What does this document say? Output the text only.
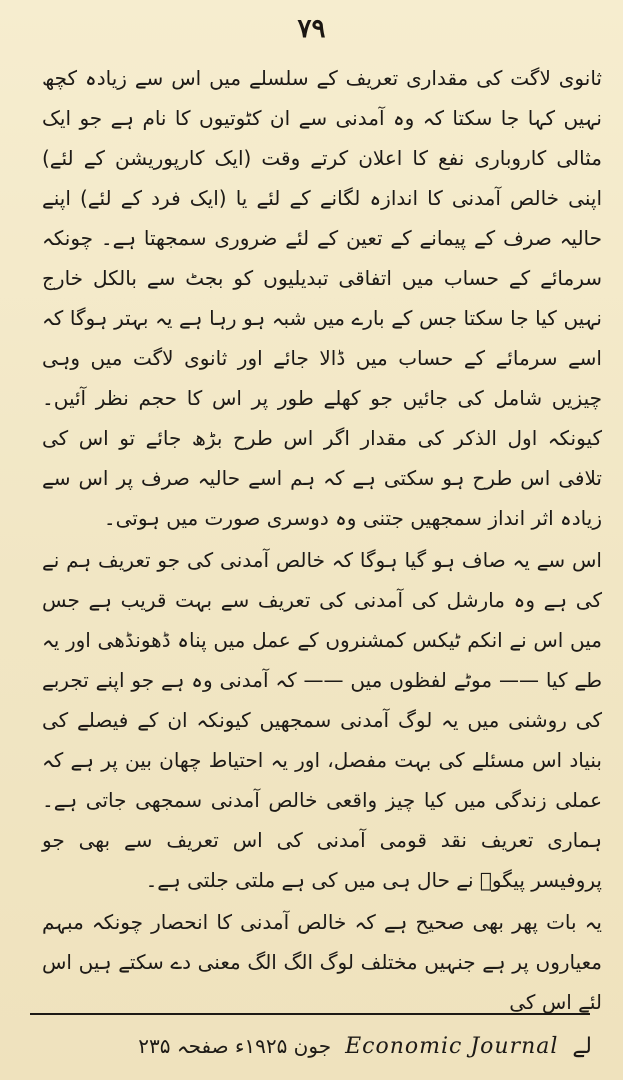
٧٩

ثانوی لاگت کی مقداری تعریف کے سلسلے میں اس سے زیادہ کچھ نہیں کہا جا سکتا کہ وہ آمدنی سے ان کٹوتیوں کا نام ہے جو ایک مثالی کاروباری نفع کا اعلان کرتے وقت (ایک کارپوریشن کے لئے) اپنی خالص آمدنی کا اندازہ لگانے کے لئے یا (ایک فرد کے لئے) اپنے حالیہ صرف کے پیمانے کے تعین کے لئے ضروری سمجھتا ہے۔ چونکہ سرمائے کے حساب میں اتفاقی تبدیلیوں کو بجٹ سے بالکل خارج نہیں کیا جا سکتا جس کے بارے میں شبہ ہو رہا ہے یہ بہتر ہوگا کہ اسے سرمائے کے حساب میں ڈالا جائے اور ثانوی لاگت میں وہی چیزیں شامل کی جائیں جو کھلے طور پر اس کا حجم نظر آئیں۔ کیونکہ اول الذکر کی مقدار اگر اس طرح بڑھ جائے تو اس کی تلافی اس طرح ہو سکتی ہے کہ ہم اسے حالیہ صرف پر اس سے زیادہ اثر انداز سمجھیں جتنی وہ دوسری صورت میں ہوتی۔

اس سے یہ صاف ہو گیا ہوگا کہ خالص آمدنی کی جو تعریف ہم نے کی ہے وہ مارشل کی آمدنی کی تعریف سے بہت قریب ہے جس میں اس نے انکم ٹیکس کمشنروں کے عمل میں پناہ ڈھونڈھی اور یہ طے کیا —— موٹے لفظوں میں —— کہ آمدنی وہ ہے جو اپنے تجربے کی روشنی میں یہ لوگ آمدنی سمجھیں کیونکہ ان کے فیصلے کی بنیاد اس مسئلے کی بہت مفصل، اور یہ احتیاط چھان بین پر ہے کہ عملی زندگی میں کیا چیز واقعی خالص آمدنی سمجھی جاتی ہے۔ ہماری تعریف نقد قومی آمدنی کی اس تعریف سے بھی جو پروفیسر پیگوؔ نے حال ہی میں کی ہے ملتی جلتی ہے۔

یہ بات پھر بھی صحیح ہے کہ خالص آمدنی کا انحصار چونکہ مبہم معیاروں پر ہے جنہیں مختلف لوگ الگ الگ معنی دے سکتے ہیں اس لئے اس کی

لے
Economic Journal
جون ۱۹۲۵ء صفحہ ۲۳۵
